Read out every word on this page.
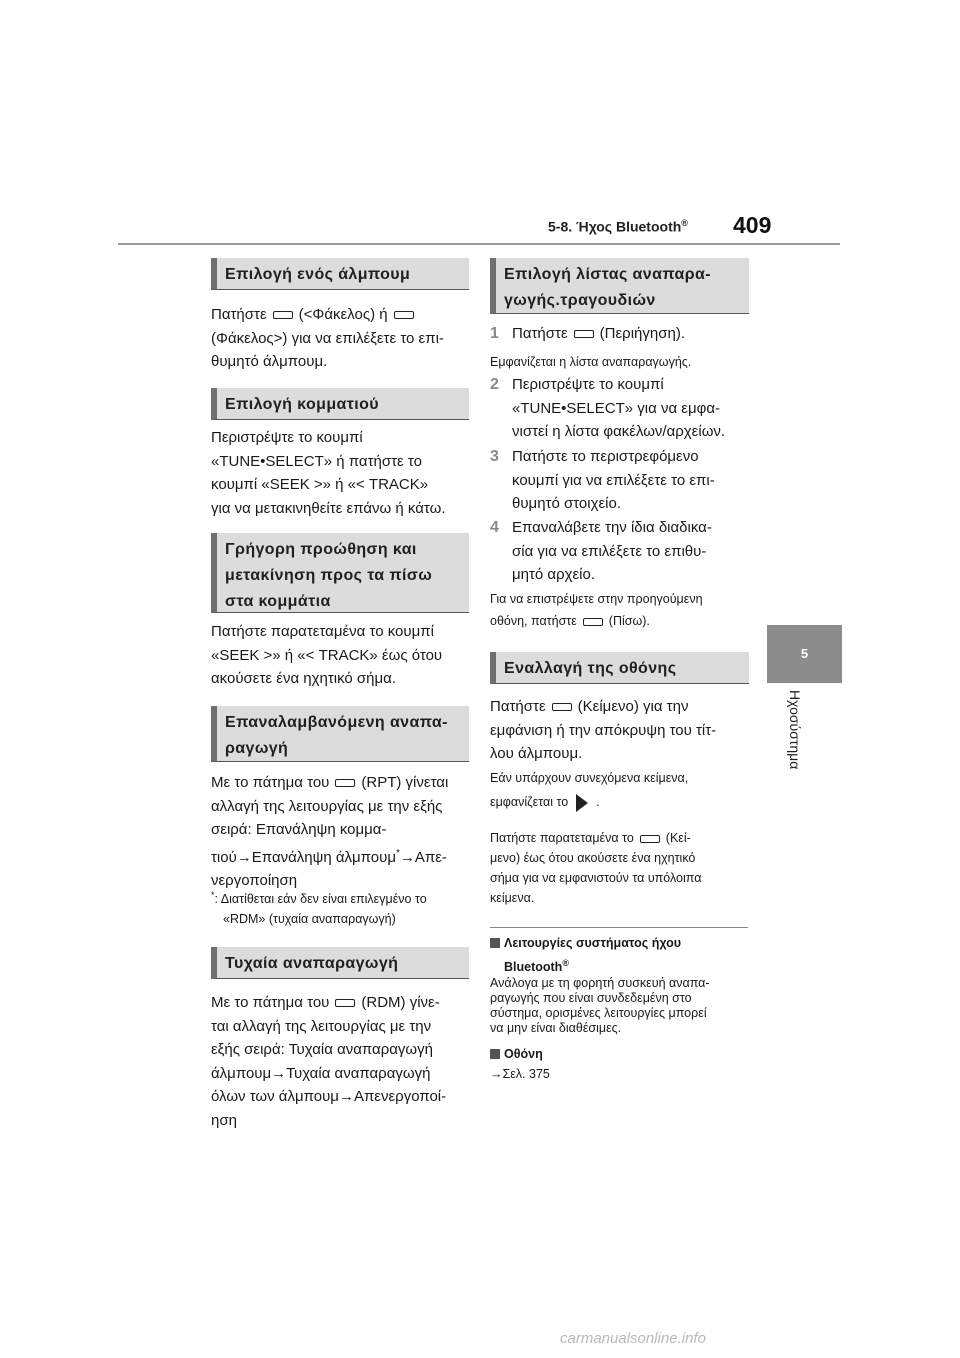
5-8. Ήχος Bluetooth® 409
5
Ηχοσύστημα
Επιλογή ενός άλμπουμ
Πατήστε (<Φάκελος) ή
(Φάκελος>) για να επιλέξετε το επι-
θυμητό άλμπουμ.
Επιλογή κομματιού
Περιστρέψτε το κουμπί
«TUNE•SELECT» ή πατήστε το
κουμπί «SEEK >» ή «< TRACK»
για να μετακινηθείτε επάνω ή κάτω.
Γρήγορη προώθηση και
μετακίνηση προς τα πίσω
στα κομμάτια
Πατήστε παρατεταμένα το κουμπί
«SEEK >» ή «< TRACK» έως ότου
ακούσετε ένα ηχητικό σήμα.
Επαναλαμβανόμενη αναπα-
ραγωγή
Με το πάτημα του (RPT) γίνεται
αλλαγή της λειτουργίας με την εξής
σειρά: Επανάληψη κομμα-
τιού→Επανάληψη άλμπουμ*→Απε-
νεργοποίηση
*: Διατίθεται εάν δεν είναι επιλεγμένο το
«RDM» (τυχαία αναπαραγωγή)
Τυχαία αναπαραγωγή
Με το πάτημα του (RDM) γίνε-
ται αλλαγή της λειτουργίας με την
εξής σειρά: Τυχαία αναπαραγωγή
άλμπουμ→Τυχαία αναπαραγωγή
όλων των άλμπουμ→Απενεργοποί-
ηση
Επιλογή λίστας αναπαρα-
γωγής.τραγουδιών
1 Πατήστε (Περιήγηση).
Εμφανίζεται η λίστα αναπαραγωγής.
2 Περιστρέψτε το κουμπί
«TUNE•SELECT» για να εμφα-
νιστεί η λίστα φακέλων/αρχείων.
3 Πατήστε το περιστρεφόμενο
κουμπί για να επιλέξετε το επι-
θυμητό στοιχείο.
4 Επαναλάβετε την ίδια διαδικα-
σία για να επιλέξετε το επιθυ-
μητό αρχείο.
Για να επιστρέψετε στην προηγούμενη
οθόνη, πατήστε	(Πίσω).
Εναλλαγή της οθόνης
Πατήστε (Κείμενο) για την
εμφάνιση ή την απόκρυψη του τίτ-
λου άλμπουμ.
Εάν υπάρχουν συνεχόμενα κείμενα,
εμφανίζεται το .
Πατήστε παρατεταμένα το	(Κεί-
μενο) έως ότου ακούσετε ένα ηχητικό
σήμα για να εμφανιστούν τα υπόλοιπα
κείμενα.
Λειτουργίες συστήματος ήχου
Bluetooth®
Ανάλογα με τη φορητή συσκευή αναπα-
ραγωγής που είναι συνδεδεμένη στο
σύστημα, ορισμένες λειτουργίες μπορεί
να μην είναι διαθέσιμες.
Οθόνη
→Σελ. 375
carmanualsonline.info
